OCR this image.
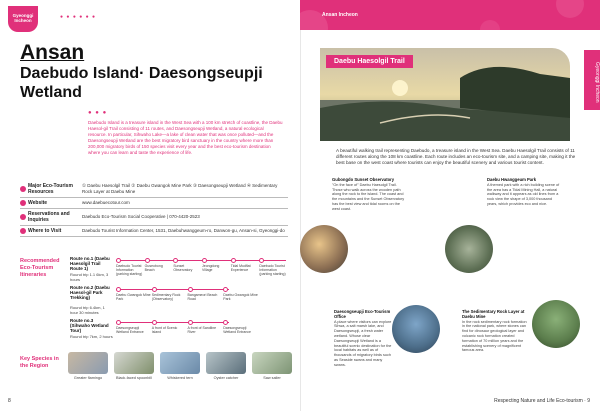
Gyeonggi Incheon
● ● ● ● ● ●
Ansan
Daebudo Island· Daesongseupji Wetland
● ● ●
Daebudo Island is a treasure island in the West Sea with a 100 km stretch of coastline, the Daebu Haesol-gil Trail consisting of 11 routes, and Daesongseupji Wetland, a natural ecological resource. In particular, Sihwaho Lake—a lake of clean water that was once polluted—and the Daesongseupji Wetland are the best migratory bird sanctuary in the country where more than 200,000 migratory birds of 150 species visit every year and the best eco-tourism destination where you can learn and taste the experience of life.
Major Eco-Tourism Resources
① Daebu Haesolgil Trail ② Daebu Gwangok Mine Park ③ Daesongseupji Wetland ④ Sedimentary Rock Layer at Daebu Mine
Website	www.daebuecotour.com
Reservations and Inquiries
Daebudo Eco-Tourism Social Cooperative | 070-4420-2523
Where to Visit	Daebudo Tourist Information Center, 1531, Daebuhwanggeum-ro, Danwon-gu, Ansan-si, Gyeonggi-do
Recommended Eco-Tourism Itineraries
Route no.1 (Daebu Haesolgil Trail Route 1)
Round trip 1.1 6km, 3 hours
Daebudo Tourist Information (parking starting)
Guseobong Beach
Sunset Observatory
Jeongdong Village
Tidal Mudflat Experience
Daebudo Tourist Information (parking starting)
Route no.2 (Daebu Haesol-gil Park Trekking)
Round trip 6.4km, 1 hour 30 minutes
Daebu Gwangok Mine Park
Sedimentary Rock (Observatory)
Bangameori Beach Road
Daebu Gwangok Mine Park
Route no.3 (Sihwaho Wetland Tour)
Round trip 7km, 2 hours
Daesongseupji Wetland Entrance
A front of Scenic Island
A front of Sandline River
Daesongseupji Wetland Entrance
Key Species in the Region
Greater flamingo	Black-faced spoonbill	Whiskered tern	Oyster catcher	Saw sailer
8
Ansan Incheon
Gyeonggi Incheon
Daebu Haesolgil Trail
A beautiful walking trail representing Daebudo, a treasure island in the West Sea. Daebu Haesolgil Trail consists of 11 different routes along the 108 km coastline. Each route includes an eco-tourism site, and a camping site, making it the best base on the west coast where tourists can enjoy the beautiful scenery and various tourist content.
Gubongdo Sunset Observatory
"On the face of" Daebu Haesolgil Trail. Those who walk across the wooden path along the rock to the island. The coast and the mountains and the Sunset Observatory has the best view and tidal rooms on the west coast.
Daebu Hwanggeum Park
A themed park with a rich building scene of the area has a Tidal Mining Hall, a natural walkway and it appears as old lines from a rock view the shape of 3,000 thousand years, which provides eco and nice.
Daesongseupji Eco-Tourism Office
A place where visitors can explore Sihwa, a salt marsh lake, and Daesongseupji, a fresh water wetland. Whose clear Daesongseupji Wetland is a beautiful scenic destination for the local habitats as well as of thousands of migratory birds such as Seaside swans and many swans.
The Sedimentary Rock Layer at Daebu Mine
In the rock sedimentary rock formation in the national park, where stones can find for dinosaur geological layer and volcanic rock formation created formation of 70 million years and the establishing scenery of magnificent famous area.
Respecting Nature and Life Eco-tourism · 9
